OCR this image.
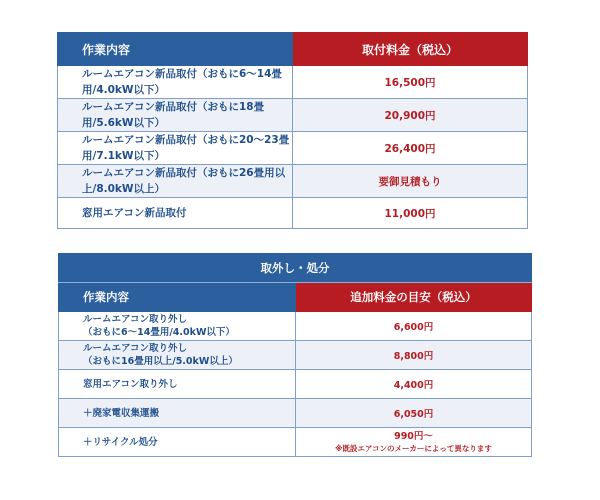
作業内容	取付料金（税込）
ルームエアコン新品取付（おもに6～14畳用/4.0kW以下）	16,500円
ルームエアコン新品取付（おもに18畳用/5.6kW以下）	20,900円
ルームエアコン新品取付（おもに20～23畳用/7.1kW以下）	26,400円
ルームエアコン新品取付（おもに26畳用以上/8.0kW以上）	要御見積もり
窓用エアコン新品取付	11,000円
取外し・処分	
作業内容	追加料金の目安（税込）

ルームエアコン取り外し
（おもに6～14畳用/4.0kW以下）	6,600円

ルームエアコン取り外し
（おもに16畳用以上/5.0kW以上）	8,800円
窓用エアコン取り外し	4,400円
＋廃家電収集運搬	6,050円
＋リサイクル処分	990円～
※既設エアコンのメーカーによって異なります
